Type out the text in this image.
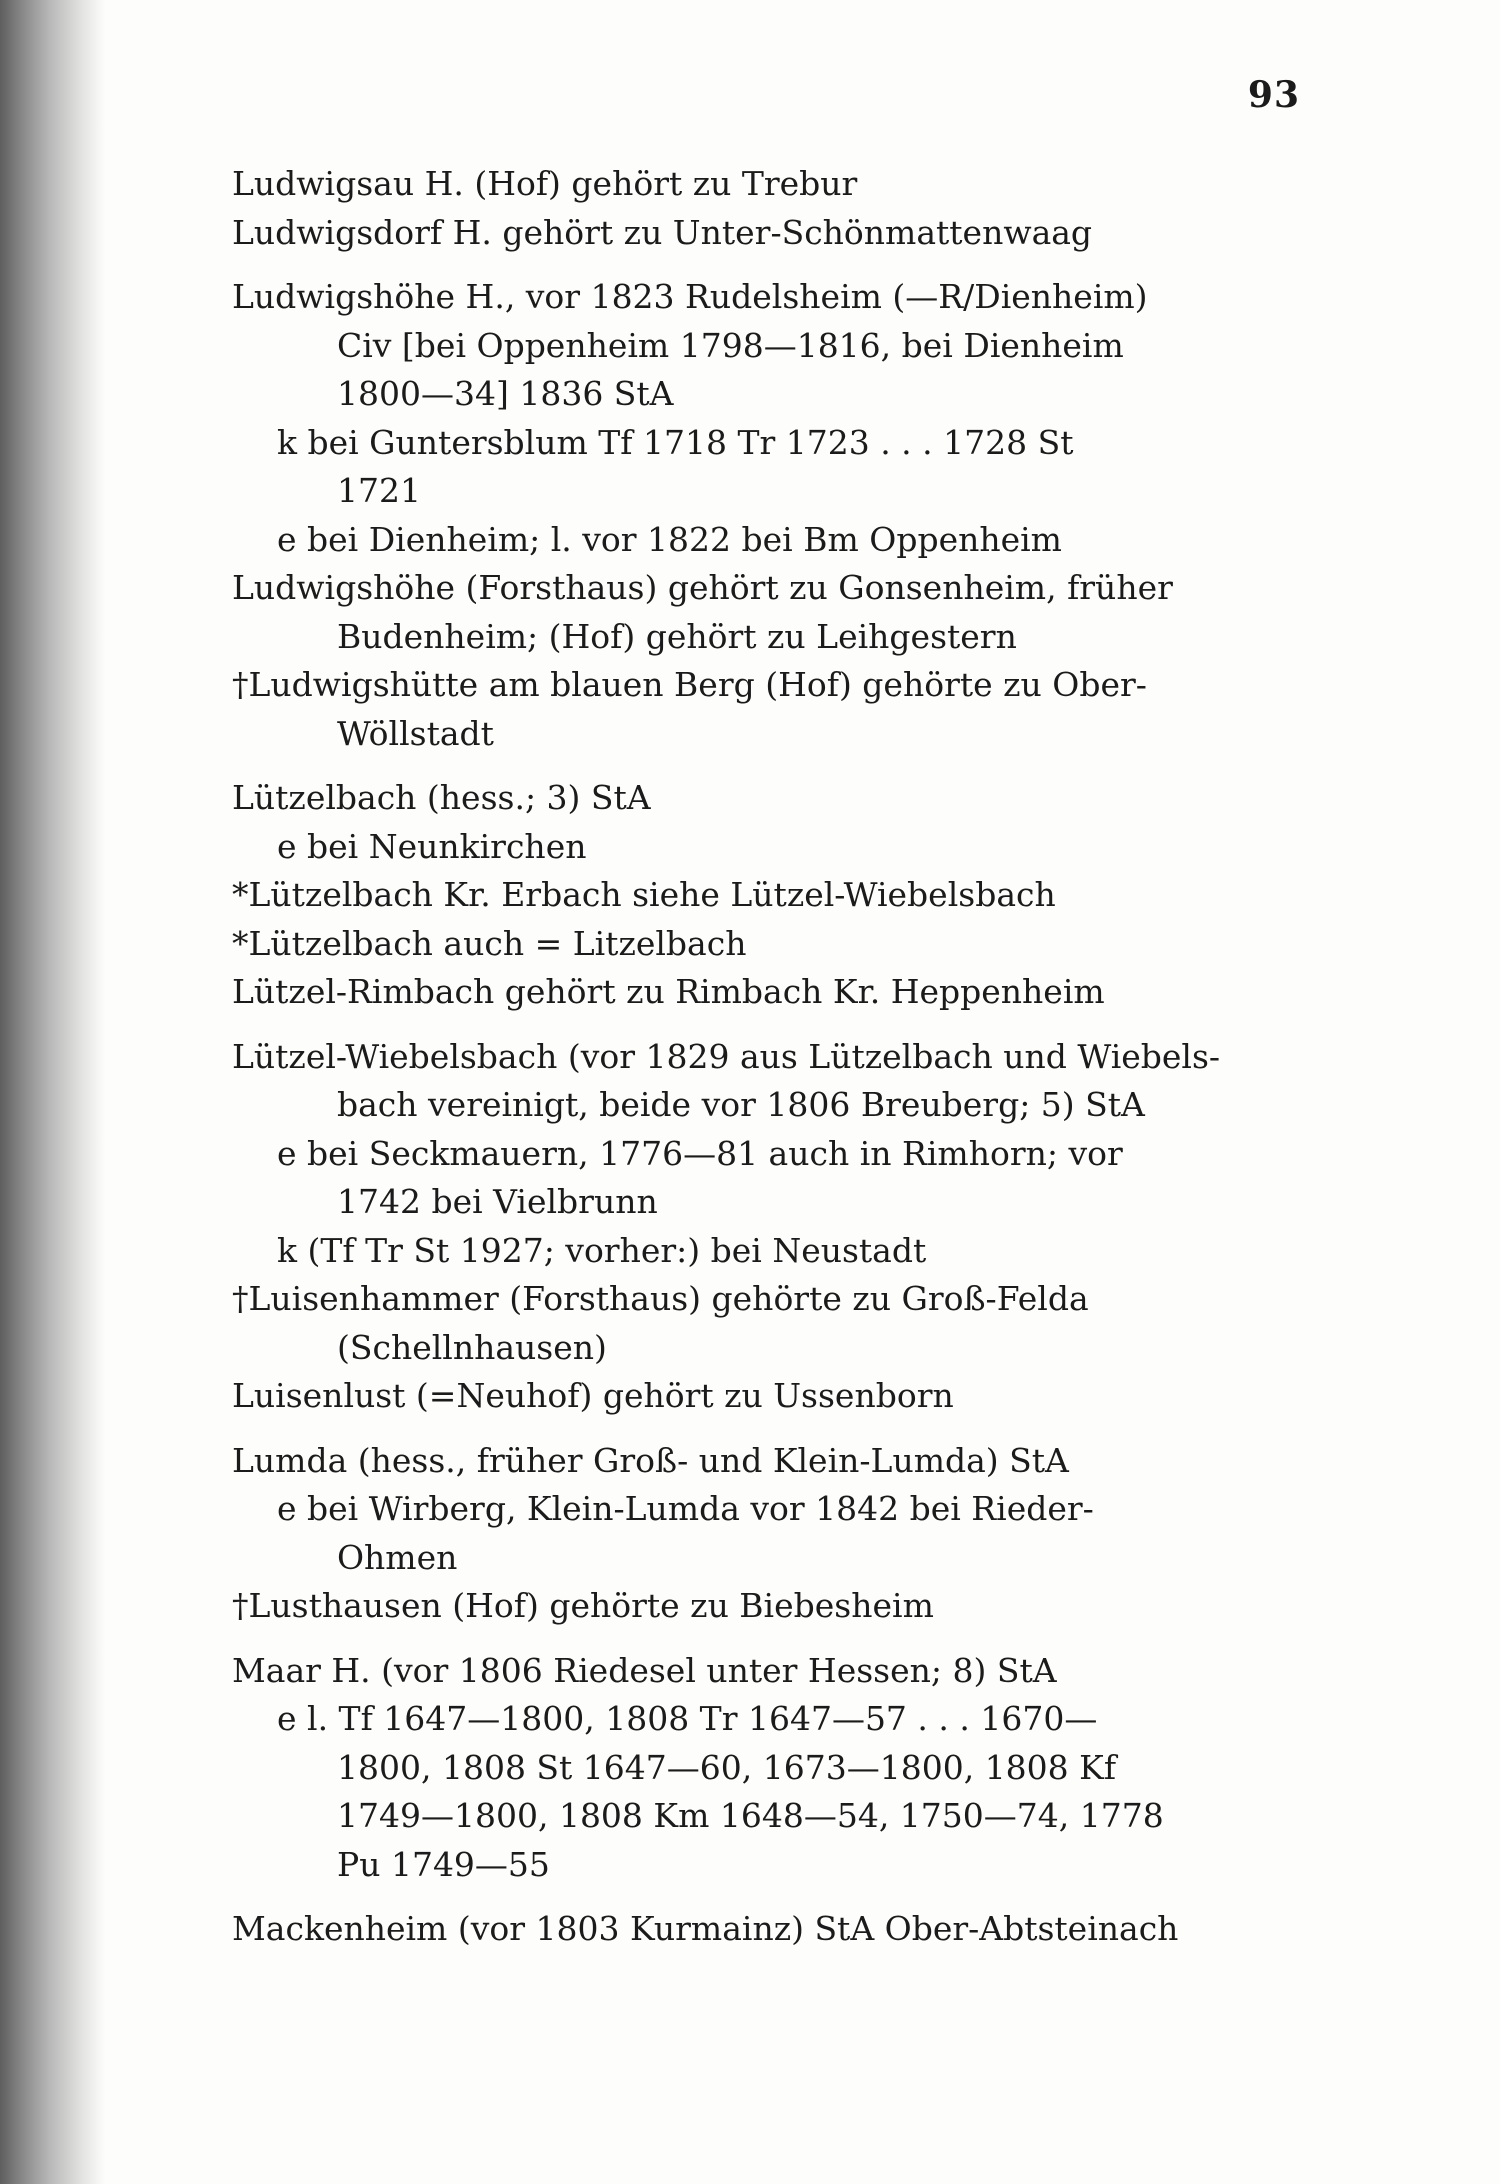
93
Ludwigsau H. (Hof) gehört zu Trebur
Ludwigsdorf H. gehört zu Unter-Schönmattenwaag
Ludwigshöhe H., vor 1823 Rudelsheim (—R/Dienheim)
Civ [bei Oppenheim 1798—1816, bei Dienheim
1800—34] 1836 StA
k bei Guntersblum Tf 1718 Tr 1723 . . . 1728 St
1721
e bei Dienheim; l. vor 1822 bei Bm Oppenheim
Ludwigshöhe (Forsthaus) gehört zu Gonsenheim, früher
Budenheim; (Hof) gehört zu Leihgestern
†Ludwigshütte am blauen Berg (Hof) gehörte zu Ober-
Wöllstadt
Lützelbach (hess.; 3) StA
e bei Neunkirchen
*Lützelbach Kr. Erbach siehe Lützel-Wiebelsbach
*Lützelbach auch = Litzelbach
Lützel-Rimbach gehört zu Rimbach Kr. Heppenheim
Lützel-Wiebelsbach (vor 1829 aus Lützelbach und Wiebels-
bach vereinigt, beide vor 1806 Breuberg; 5) StA
e bei Seckmauern, 1776—81 auch in Rimhorn; vor
1742 bei Vielbrunn
k (Tf Tr St 1927; vorher:) bei Neustadt
†Luisenhammer (Forsthaus) gehörte zu Groß-Felda
(Schellnhausen)
Luisenlust (=Neuhof) gehört zu Ussenborn
Lumda (hess., früher Groß- und Klein-Lumda) StA
e bei Wirberg, Klein-Lumda vor 1842 bei Rieder-
Ohmen
†Lusthausen (Hof) gehörte zu Biebesheim
Maar H. (vor 1806 Riedesel unter Hessen; 8) StA
e l. Tf 1647—1800, 1808 Tr 1647—57 . . . 1670—
1800, 1808 St 1647—60, 1673—1800, 1808 Kf
1749—1800, 1808 Km 1648—54, 1750—74, 1778
Pu 1749—55
Mackenheim (vor 1803 Kurmainz) StA Ober-Abtsteinach
